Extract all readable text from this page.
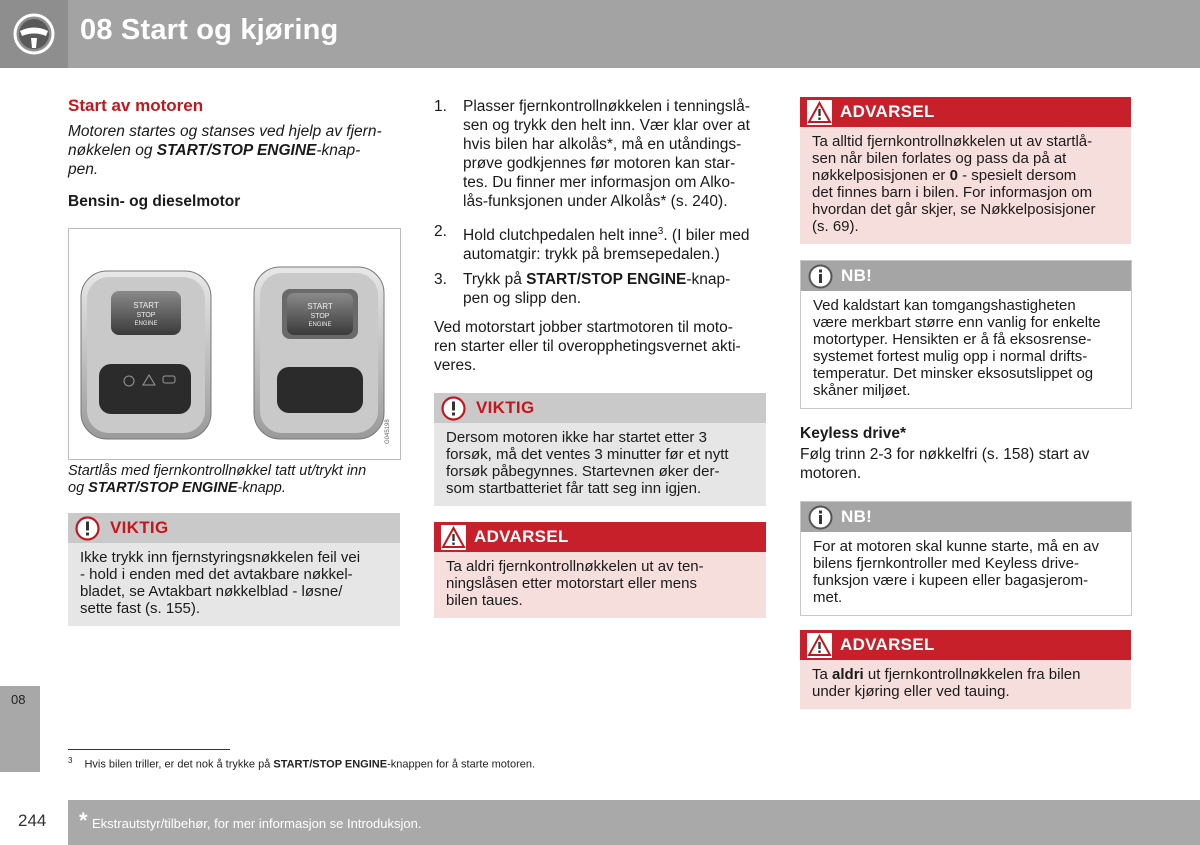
08 Start og kjøring
08
$^3$ Hvis bilen triller, er det nok å trykke på START/STOP ENGINE-knappen for å starte motoren.
244 * Ekstrautstyr/tilbehør, for mer informasjon se Introduksjon.
Start av motoren
Motoren startes og stanses ved hjelp av fjern-
nøkkelen og START/STOP ENGINE-knap-
pen.
Bensin- og dieselmotor
START
STOP
ENGINE
START
STOP
ENGINE
G045198
Startlås med fjernkontrollnøkkel tatt ut/trykt inn
og START/STOP ENGINE-knapp.
VIKTIG
Ikke trykk inn fjernstyringsnøkkelen feil vei
- hold i enden med det avtakbare nøkkel-
bladet, se Avtakbart nøkkelblad - løsne/
sette fast (s. 155).
1. Plasser fjernkontrollnøkkelen i tenningslå-
sen og trykk den helt inn. Vær klar over at
hvis bilen har alkolås*, må en utåndings-
prøve godkjennes før motoren kan star-
tes. Du finner mer informasjon om Alko-
lås-funksjonen under Alkolås* (s. 240).
2. Hold clutchpedalen helt inne$^3$. (I biler med
automatgir: trykk på bremsepedalen.)
3. Trykk på START/STOP ENGINE-knap-
pen og slipp den.
Ved motorstart jobber startmotoren til moto-
ren starter eller til overopphetingsvernet akti-
veres.
VIKTIG
Dersom motoren ikke har startet etter 3
forsøk, må det ventes 3 minutter før et nytt
forsøk påbegynnes. Startevnen øker der-
som startbatteriet får tatt seg inn igjen.
ADVARSEL
Ta aldri fjernkontrollnøkkelen ut av ten-
ningslåsen etter motorstart eller mens
bilen taues.
ADVARSEL
Ta alltid fjernkontrollnøkkelen ut av startlå-
sen når bilen forlates og pass da på at
nøkkelposisjonen er 0 - spesielt dersom
det finnes barn i bilen. For informasjon om
hvordan det går skjer, se Nøkkelposisjoner
(s. 69).
NB!
Ved kaldstart kan tomgangshastigheten
være merkbart større enn vanlig for enkelte
motortyper. Hensikten er å få eksosrense-
systemet fortest mulig opp i normal drifts-
temperatur. Det minsker eksosutslippet og
skåner miljøet.
Keyless drive*
Følg trinn 2-3 for nøkkelfri (s. 158) start av
motoren.
NB!
For at motoren skal kunne starte, må en av
bilens fjernkontroller med Keyless drive-
funksjon være i kupeen eller bagasjerom-
met.
ADVARSEL
Ta aldri ut fjernkontrollnøkkelen fra bilen
under kjøring eller ved tauing.
